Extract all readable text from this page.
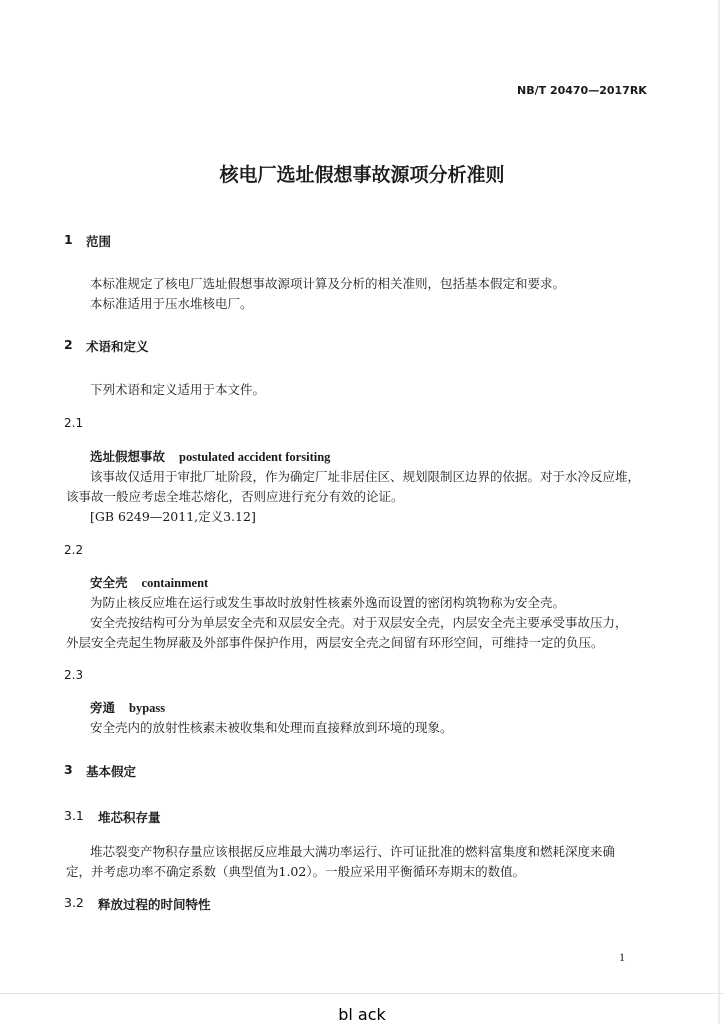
NB/T 20470—2017RK
核电厂选址假想事故源项分析准则
1 范围
本标准规定了核电厂选址假想事故源项计算及分析的相关准则，包括基本假定和要求。
本标准适用于压水堆核电厂。
2 术语和定义
下列术语和定义适用于本文件。
2.1
选址假想事故 postulated accident forsiting
该事故仅适用于审批厂址阶段，作为确定厂址非居住区、规划限制区边界的依据。对于水冷反应堆，
该事故一般应考虑全堆芯熔化，否则应进行充分有效的论证。
[GB 6249—2011,定义3.12]
2.2
安全壳 containment
为防止核反应堆在运行或发生事故时放射性核素外逸而设置的密闭构筑物称为安全壳。
安全壳按结构可分为单层安全壳和双层安全壳。对于双层安全壳，内层安全壳主要承受事故压力，
外层安全壳起生物屏蔽及外部事件保护作用，两层安全壳之间留有环形空间，可维持一定的负压。
2.3
旁通 bypass
安全壳内的放射性核素未被收集和处理而直接释放到环境的现象。
3 基本假定
3.1 堆芯积存量
堆芯裂变产物积存量应该根据反应堆最大满功率运行、许可证批准的燃料富集度和燃耗深度来确
定，并考虑功率不确定系数（典型值为1.02）。一般应采用平衡循环寿期末的数值。
3.2 释放过程的时间特性
1
bl ack
